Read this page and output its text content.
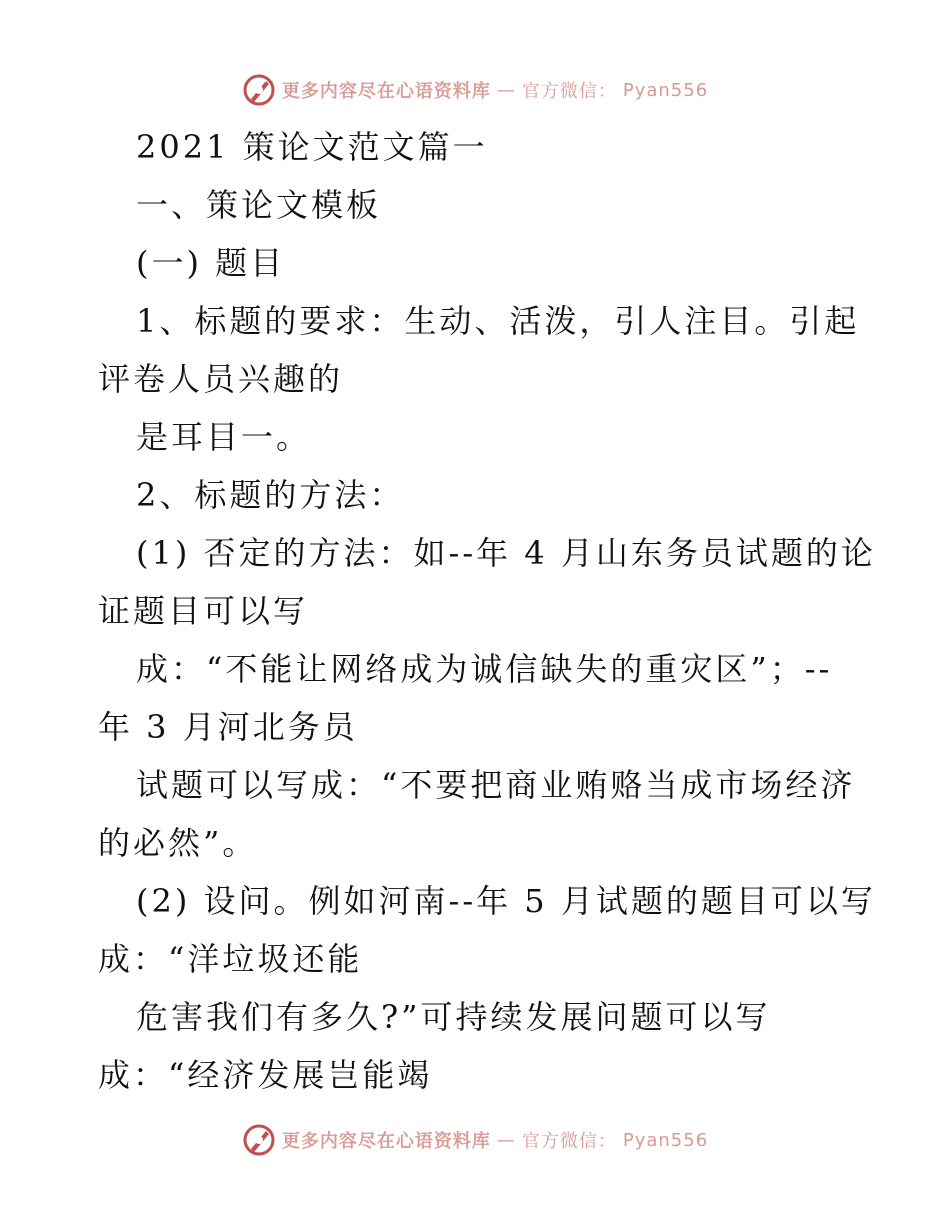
更多内容尽在心语资料库 — 官方微信： Pyan556
2021 策论文范文篇一
一、策论文模板
(一) 题目
1、标题的要求：生动、活泼，引人注目。引起
评卷人员兴趣的
是耳目一。
2、标题的方法：
(1) 否定的方法：如--年 4 月山东务员试题的论
证题目可以写
成：“不能让网络成为诚信缺失的重灾区”；--
年 3 月河北务员
试题可以写成：“不要把商业贿赂当成市场经济
的必然”。
(2) 设问。例如河南--年 5 月试题的题目可以写
成：“洋垃圾还能
危害我们有多久?”可持续发展问题可以写
成：“经济发展岂能竭
更多内容尽在心语资料库 — 官方微信： Pyan556
